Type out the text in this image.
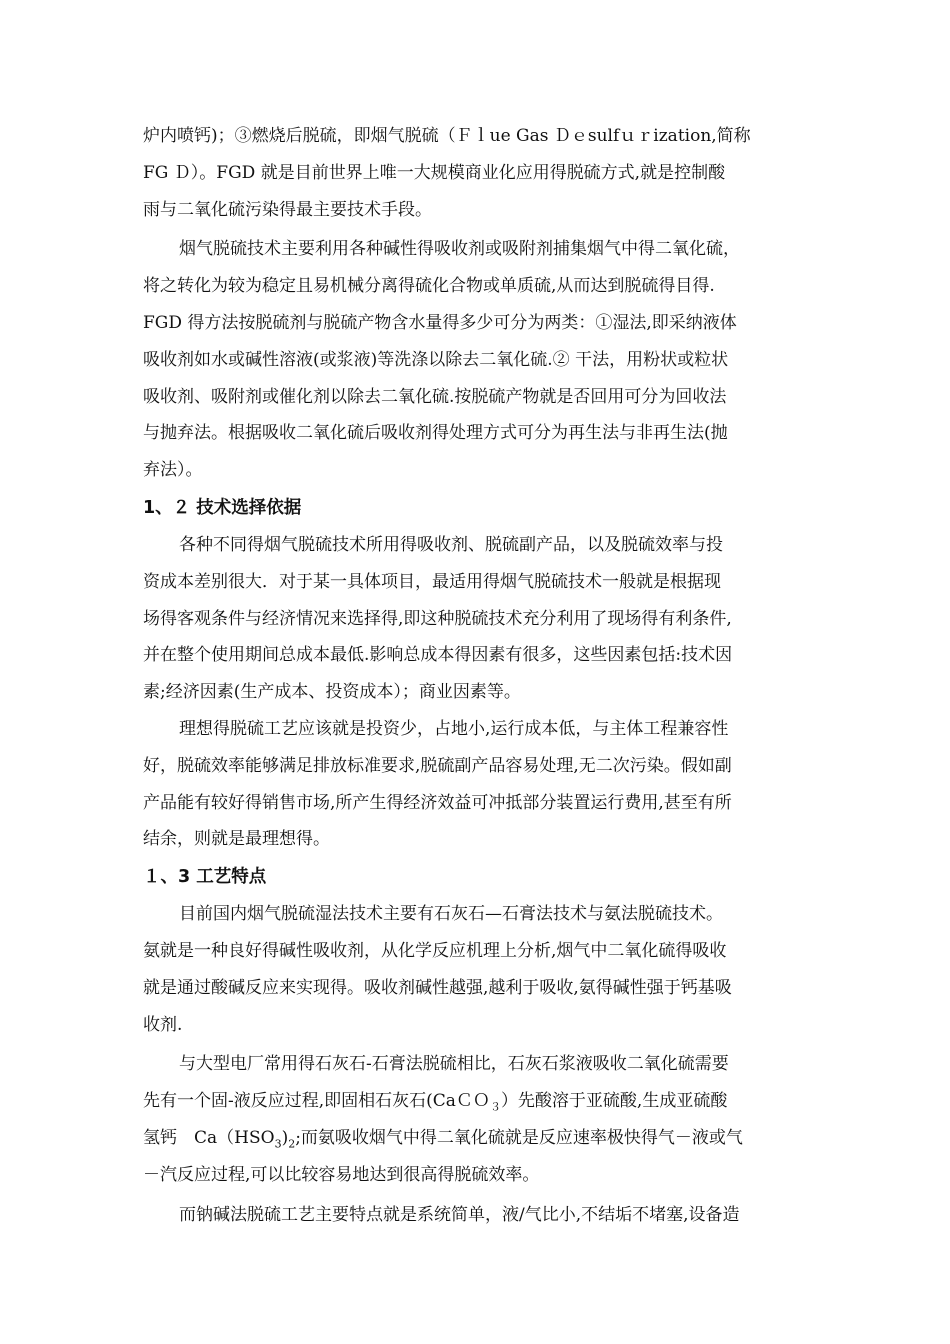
炉内喷钙)；③燃烧后脱硫，即烟气脱硫（Ｆｌue Gas Ｄｅsulfｕｒization,简称
FG Ｄ）。FGD 就是目前世界上唯一大规模商业化应用得脱硫方式,就是控制酸
雨与二氧化硫污染得最主要技术手段。
烟气脱硫技术主要利用各种碱性得吸收剂或吸附剂捕集烟气中得二氧化硫，
将之转化为较为稳定且易机械分离得硫化合物或单质硫,从而达到脱硫得目得.
FGD 得方法按脱硫剂与脱硫产物含水量得多少可分为两类：①湿法,即采纳液体
吸收剂如水或碱性溶液(或浆液)等洗涤以除去二氧化硫.② 干法，用粉状或粒状
吸收剂、吸附剂或催化剂以除去二氧化硫.按脱硫产物就是否回用可分为回收法
与抛弃法。根据吸收二氧化硫后吸收剂得处理方式可分为再生法与非再生法(抛
弃法）。
1、２ 技术选择依据
各种不同得烟气脱硫技术所用得吸收剂、脱硫副产品，以及脱硫效率与投
资成本差别很大．对于某一具体项目，最适用得烟气脱硫技术一般就是根据现
场得客观条件与经济情况来选择得,即这种脱硫技术充分利用了现场得有利条件,
并在整个使用期间总成本最低.影响总成本得因素有很多，这些因素包括:技术因
素;经济因素(生产成本、投资成本）；商业因素等。
理想得脱硫工艺应该就是投资少，占地小,运行成本低，与主体工程兼容性
好，脱硫效率能够满足排放标准要求,脱硫副产品容易处理,无二次污染。假如副
产品能有较好得销售市场,所产生得经济效益可冲抵部分装置运行费用,甚至有所
结余，则就是最理想得。
１、3 工艺特点
目前国内烟气脱硫湿法技术主要有石灰石—石膏法技术与氨法脱硫技术。
氨就是一种良好得碱性吸收剂，从化学反应机理上分析,烟气中二氧化硫得吸收
就是通过酸碱反应来实现得。吸收剂碱性越强,越利于吸收,氨得碱性强于钙基吸
收剂.
与大型电厂常用得石灰石-石膏法脱硫相比，石灰石浆液吸收二氧化硫需要
先有一个固-液反应过程,即固相石灰石(CaＣＯ$_3$）先酸溶于亚硫酸,生成亚硫酸
氢钙　$Ca(HSO_3)_2$;而氨吸收烟气中得二氧化硫就是反应速率极快得气－液或气
－汽反应过程,可以比较容易地达到很高得脱硫效率。
而钠碱法脱硫工艺主要特点就是系统简单，液/气比小,不结垢不堵塞,设备造
